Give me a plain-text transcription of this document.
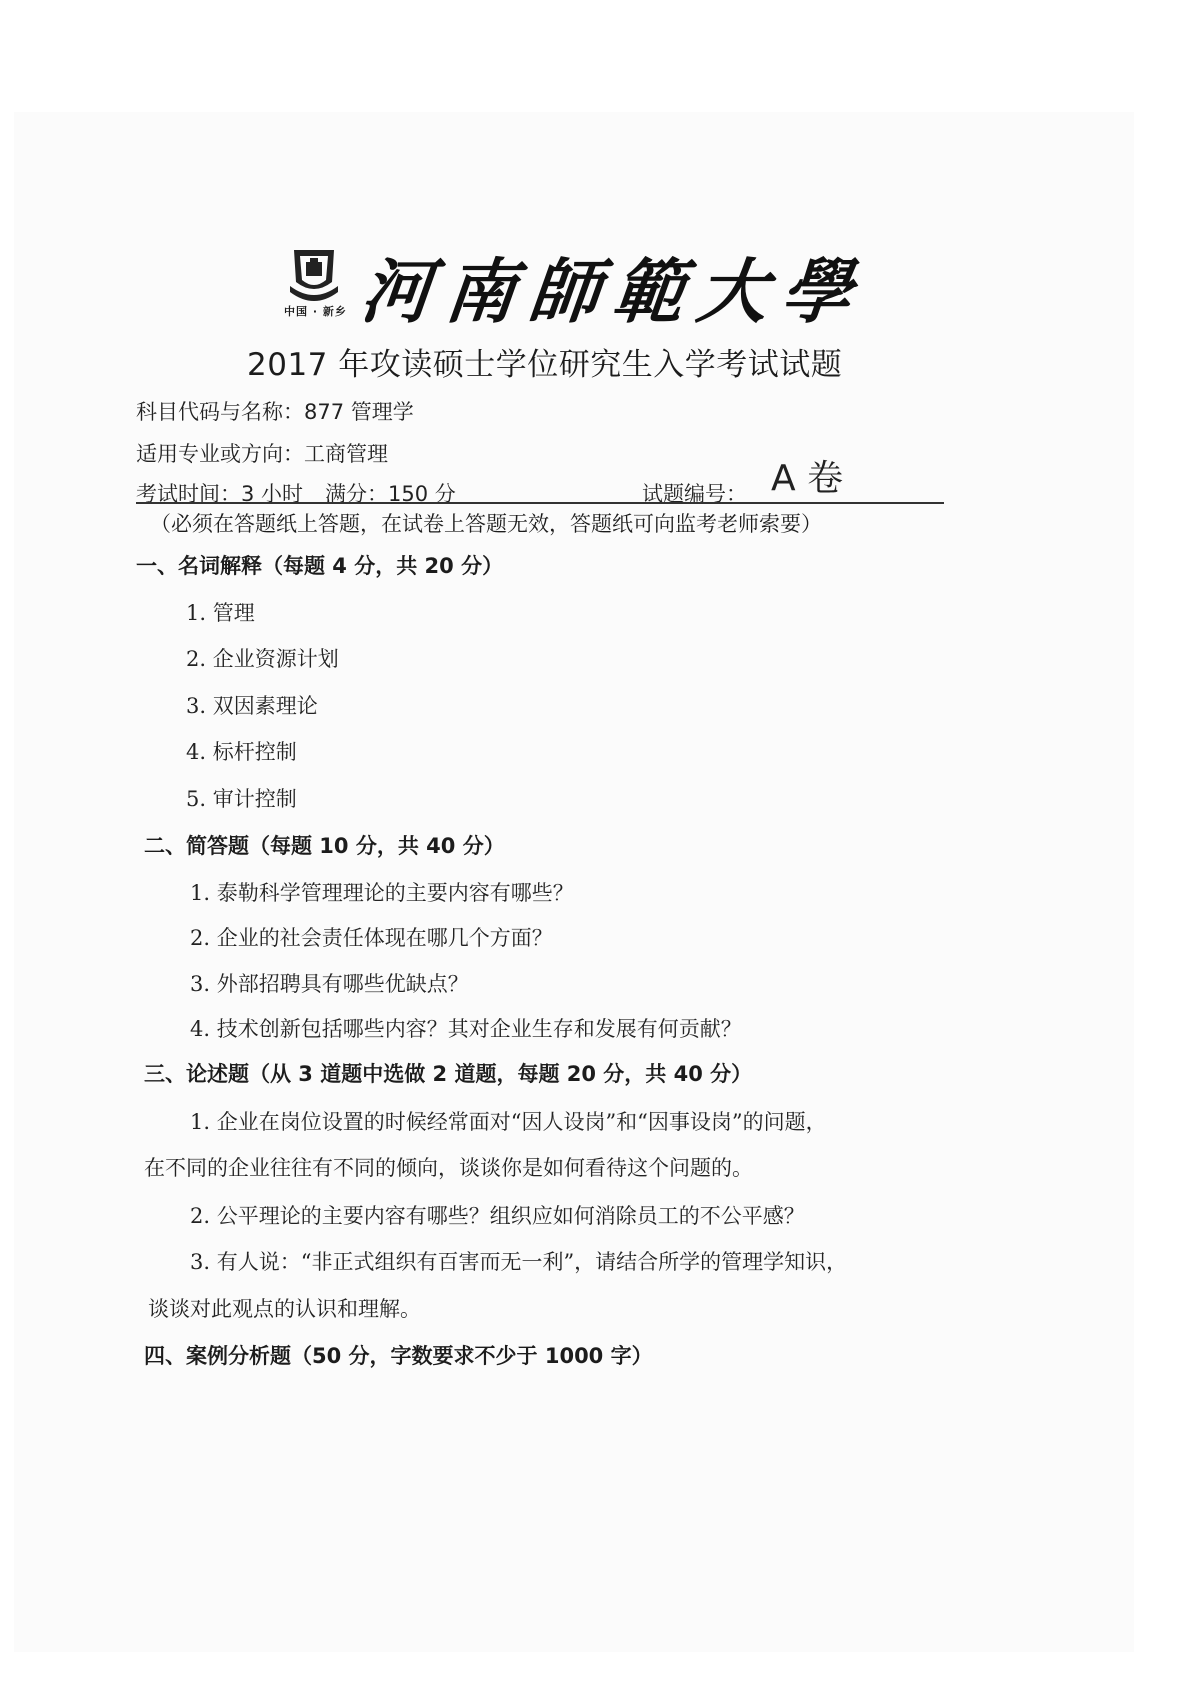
中国 · 新乡 河南師範大學
2017 年攻读硕士学位研究生入学考试试题
科目代码与名称：877 管理学
适用专业或方向：工商管理
考试时间：3 小时 满分：150 分	试题编号： A 卷
（必须在答题纸上答题，在试卷上答题无效，答题纸可向监考老师索要）
一、名词解释（每题 4 分，共 20 分）
1. 管理
2. 企业资源计划
3. 双因素理论
4. 标杆控制
5. 审计控制
二、简答题（每题 10 分，共 40 分）
1. 泰勒科学管理理论的主要内容有哪些？
2. 企业的社会责任体现在哪几个方面？
3. 外部招聘具有哪些优缺点？
4. 技术创新包括哪些内容？其对企业生存和发展有何贡献？
三、论述题（从 3 道题中选做 2 道题，每题 20 分，共 40 分）
1. 企业在岗位设置的时候经常面对“因人设岗”和“因事设岗”的问题，
在不同的企业往往有不同的倾向，谈谈你是如何看待这个问题的。
2. 公平理论的主要内容有哪些？组织应如何消除员工的不公平感？
3. 有人说：“非正式组织有百害而无一利”，请结合所学的管理学知识，
谈谈对此观点的认识和理解。
四、案例分析题（50 分，字数要求不少于 1000 字）
